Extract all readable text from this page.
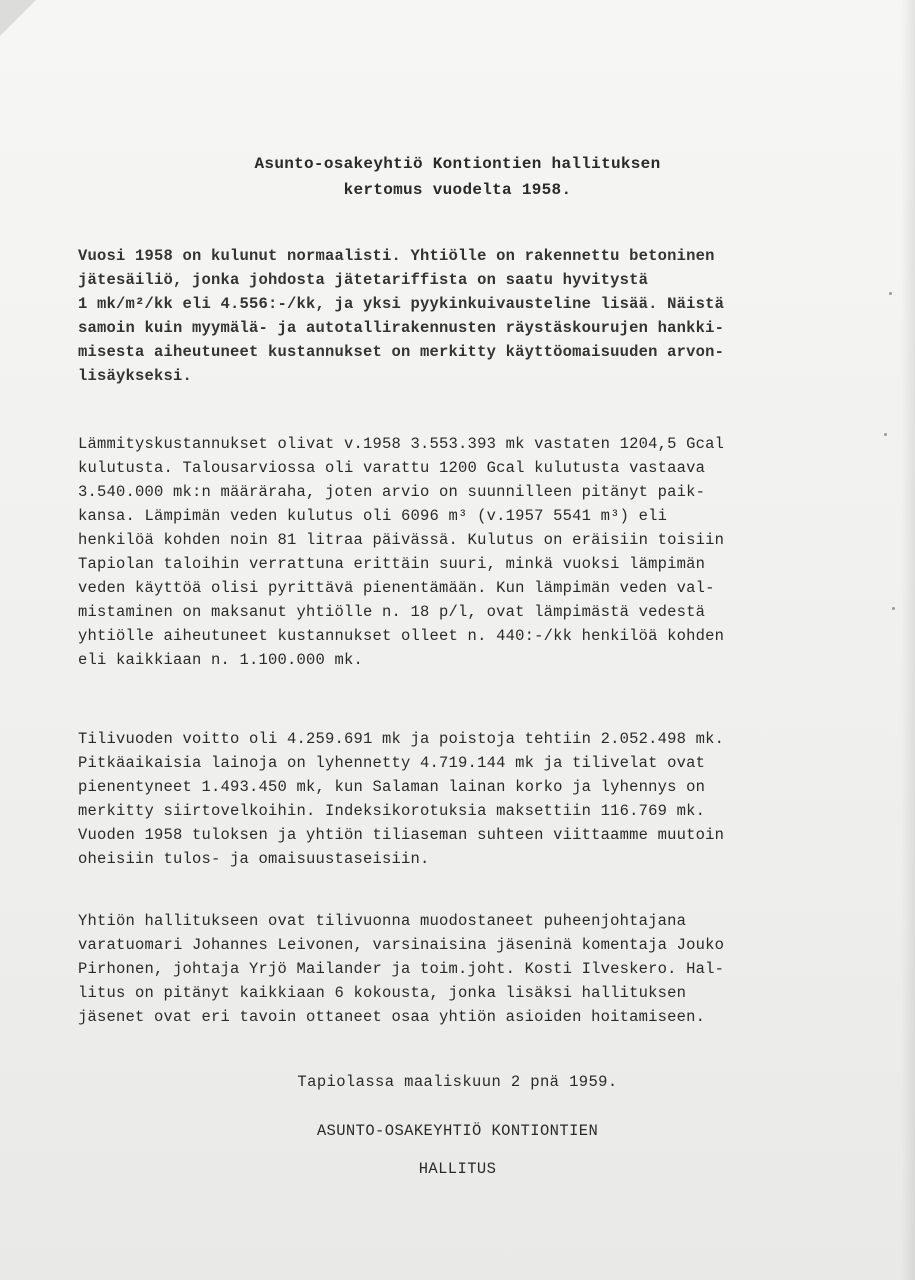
Asunto-osakeyhtiö Kontiontien hallituksen
kertomus vuodelta 1958.
Vuosi 1958 on kulunut normaalisti. Yhtiölle on rakennettu betoninen
jätesäiliö, jonka johdosta jätetariffista on saatu hyvitystä
1 mk/m²/kk eli 4.556:-/kk, ja yksi pyykinkuivausteline lisää. Näistä
samoin kuin myymälä- ja autotallirakennusten räystäskourujen hankki-
misesta aiheutuneet kustannukset on merkitty käyttöomaisuuden arvon-
lisäykseksi.
Lämmityskustannukset olivat v.1958 3.553.393 mk vastaten 1204,5 Gcal
kulutusta. Talousarviossa oli varattu 1200 Gcal kulutusta vastaava
3.540.000 mk:n määräraha, joten arvio on suunnilleen pitänyt paik-
kansa. Lämpimän veden kulutus oli 6096 m³ (v.1957 5541 m³) eli
henkilöä kohden noin 81 litraa päivässä. Kulutus on eräisiin toisiin
Tapiolan taloihin verrattuna erittäin suuri, minkä vuoksi lämpimän
veden käyttöä olisi pyrittävä pienentämään. Kun lämpimän veden val-
mistaminen on maksanut yhtiölle n. 18 p/l, ovat lämpimästä vedestä
yhtiölle aiheutuneet kustannukset olleet n. 440:-/kk henkilöä kohden
eli kaikkiaan n. 1.100.000 mk.
Tilivuoden voitto oli 4.259.691 mk ja poistoja tehtiin 2.052.498 mk.
Pitkäaikaisia lainoja on lyhennetty 4.719.144 mk ja tilivelat ovat
pienentyneet 1.493.450 mk, kun Salaman lainan korko ja lyhennys on
merkitty siirtovelkoihin. Indeksikorotuksia maksettiin 116.769 mk.
Vuoden 1958 tuloksen ja yhtiön tiliaseman suhteen viittaamme muutoin
oheisiin tulos- ja omaisuustaseisiin.
Yhtiön hallitukseen ovat tilivuonna muodostaneet puheenjohtajana
varatuomari Johannes Leivonen, varsinaisina jäseninä komentaja Jouko
Pirhonen, johtaja Yrjö Mailander ja toim.joht. Kosti Ilveskero. Hal-
litus on pitänyt kaikkiaan 6 kokousta, jonka lisäksi hallituksen
jäsenet ovat eri tavoin ottaneet osaa yhtiön asioiden hoitamiseen.
Tapiolassa maaliskuun 2 pnä 1959.
ASUNTO-OSAKEYHTIÖ KONTIONTIEN
HALLITUS
